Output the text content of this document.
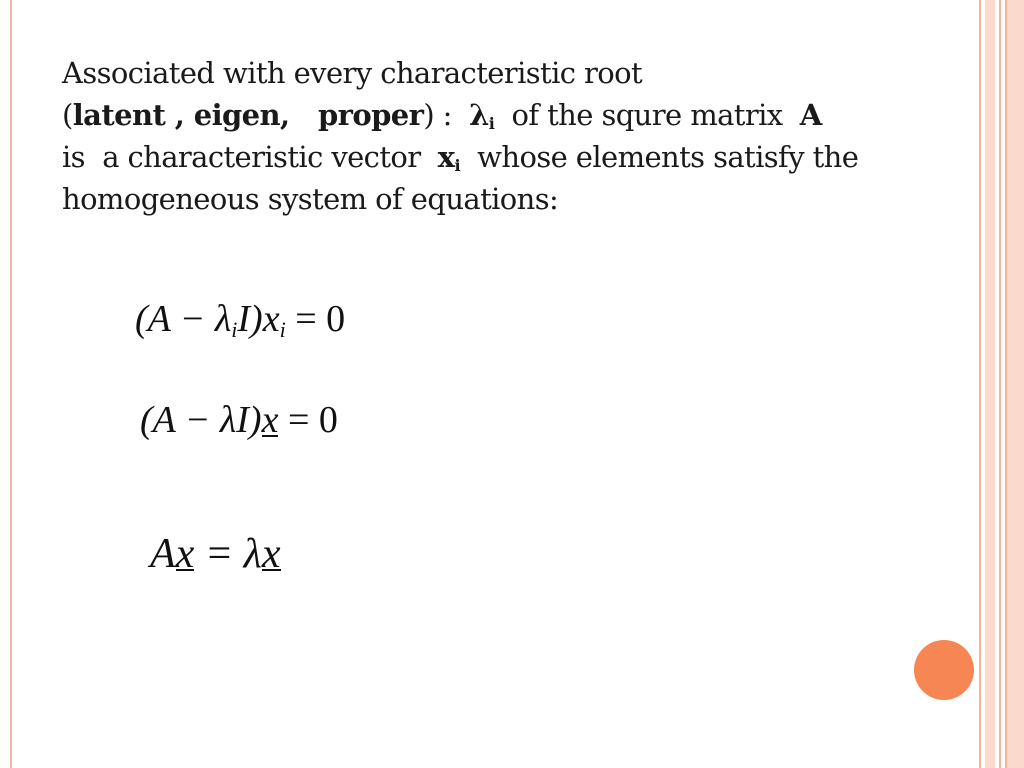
Associated with every characteristic root
(latent , eigen,   proper) :  $\lambda_i$  of the squre matrix  A
is  a characteristic vector  $x_i$  whose elements satisfy the
homogeneous system of equations:
$(A - \lambda_iI)x_i = 0$
(A − λI)x = 0
Ax = λx
